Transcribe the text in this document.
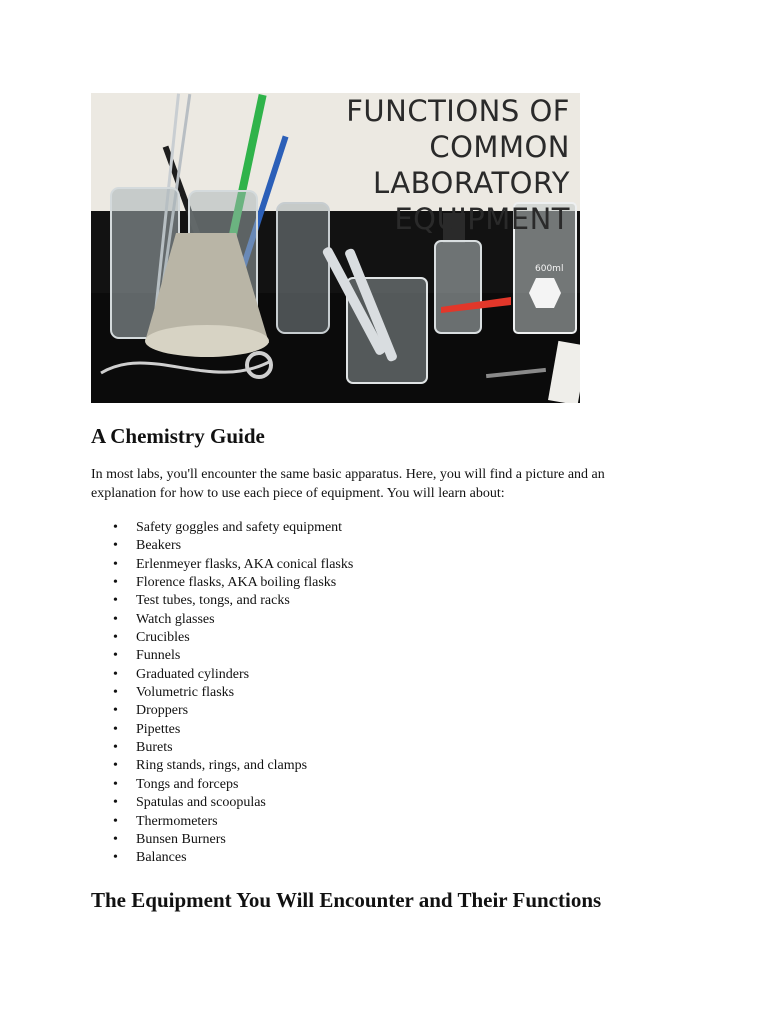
600ml
FUNCTIONS OF
COMMON LABORATORY
EQUIPMENT
A Chemistry Guide

In most labs, you'll encounter the same basic apparatus. Here, you will find a picture and an explanation for how to use each piece of equipment. You will learn about:

• Safety goggles and safety equipment
• Beakers
• Erlenmeyer flasks, AKA conical flasks
• Florence flasks, AKA boiling flasks
• Test tubes, tongs, and racks
• Watch glasses
• Crucibles
• Funnels
• Graduated cylinders
• Volumetric flasks
• Droppers
• Pipettes
• Burets
• Ring stands, rings, and clamps
• Tongs and forceps
• Spatulas and scoopulas
• Thermometers
• Bunsen Burners
• Balances
The Equipment You Will Encounter and Their Functions
